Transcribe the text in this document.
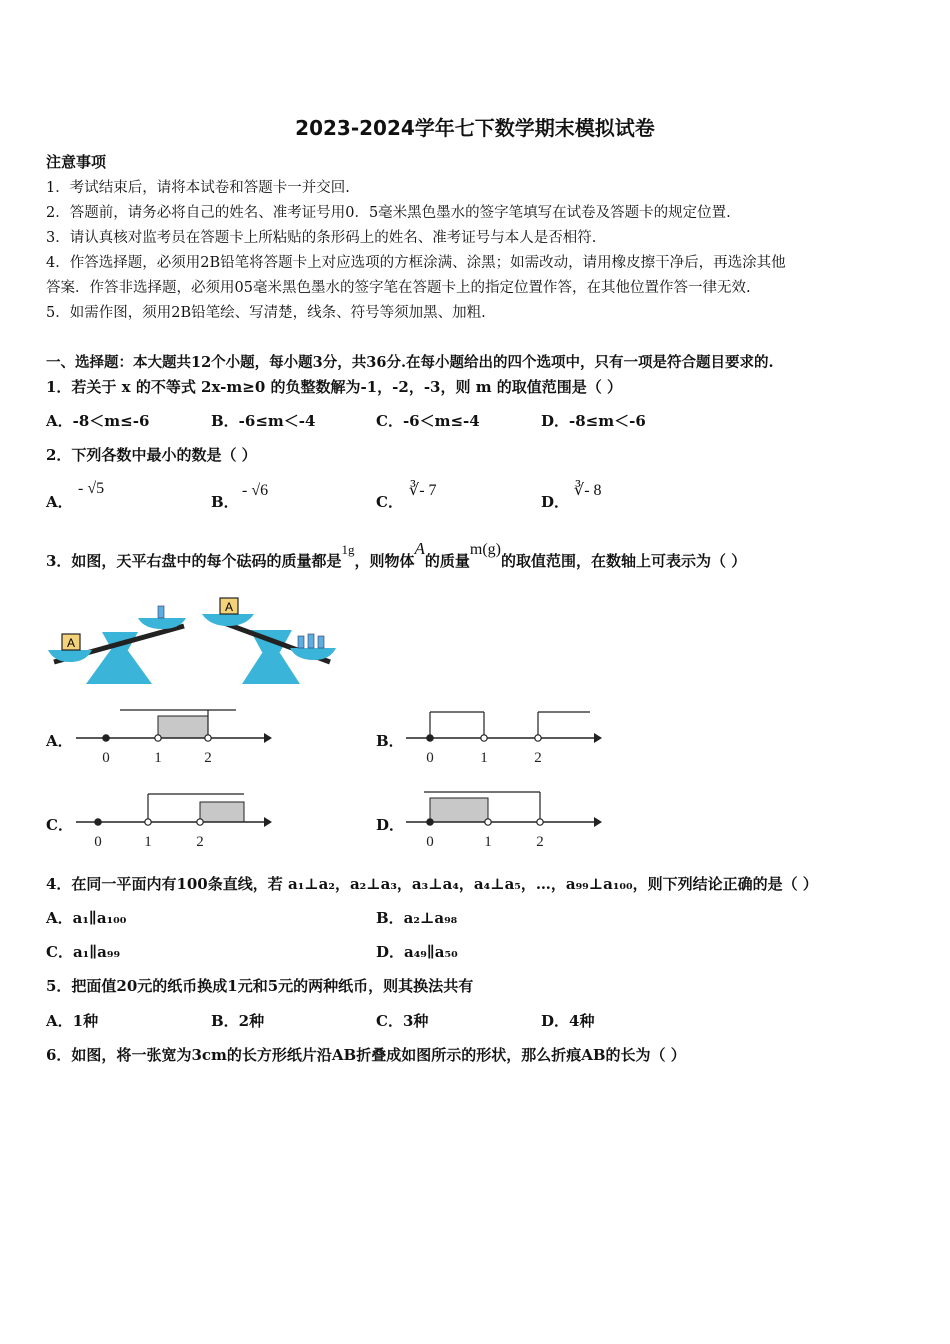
2023-2024学年七下数学期末模拟试卷
注意事项
1．考试结束后，请将本试卷和答题卡一并交回.
2．答题前，请务必将自己的姓名、准考证号用0．5毫米黑色墨水的签字笔填写在试卷及答题卡的规定位置.
3．请认真核对监考员在答题卡上所粘贴的条形码上的姓名、准考证号与本人是否相符.
4．作答选择题，必须用2B铅笔将答题卡上对应选项的方框涂满、涂黑；如需改动，请用橡皮擦干净后，再选涂其他
答案．作答非选择题，必须用05毫米黑色墨水的签字笔在答题卡上的指定位置作答，在其他位置作答一律无效.
5．如需作图，须用2B铅笔绘、写清楚，线条、符号等须加黑、加粗.
一、选择题：本大题共12个小题，每小题3分，共36分.在每小题给出的四个选项中，只有一项是符合题目要求的.
1．若关于 x 的不等式 2x-m≥0 的负整数解为-1，-2，-3，则 m 的取值范围是（ ）
A．-8＜m≤-6	B．-6≤m＜-4	C．-6＜m≤-4	D．-8≤m＜-6
2．下列各数中最小的数是（ ）
A．
- √5
B．
- √6
C．
∛- 7
D．
∛- 8
3．如图，天平右盘中的每个砝码的质量都是1g，则物体A的质量m(g)的取值范围，在数轴上可表示为（ ）
A
A
A．
0	1	2
B．
0	1	2
C．
0	1	2
D．
0	1	2
4．在同一平面内有100条直线，若 a₁⊥a₂，a₂⊥a₃，a₃⊥a₄，a₄⊥a₅，…，a₉₉⊥a₁₀₀，则下列结论正确的是（ ）
A．a₁∥a₁₀₀	B．a₂⊥a₉₈
C．a₁∥a₉₉	D．a₄₉∥a₅₀
5．把面值20元的纸币换成1元和5元的两种纸币，则其换法共有
A．1种	B．2种	C．3种	D．4种
6．如图，将一张宽为3cm的长方形纸片沿AB折叠成如图所示的形状，那么折痕AB的长为（ ）
